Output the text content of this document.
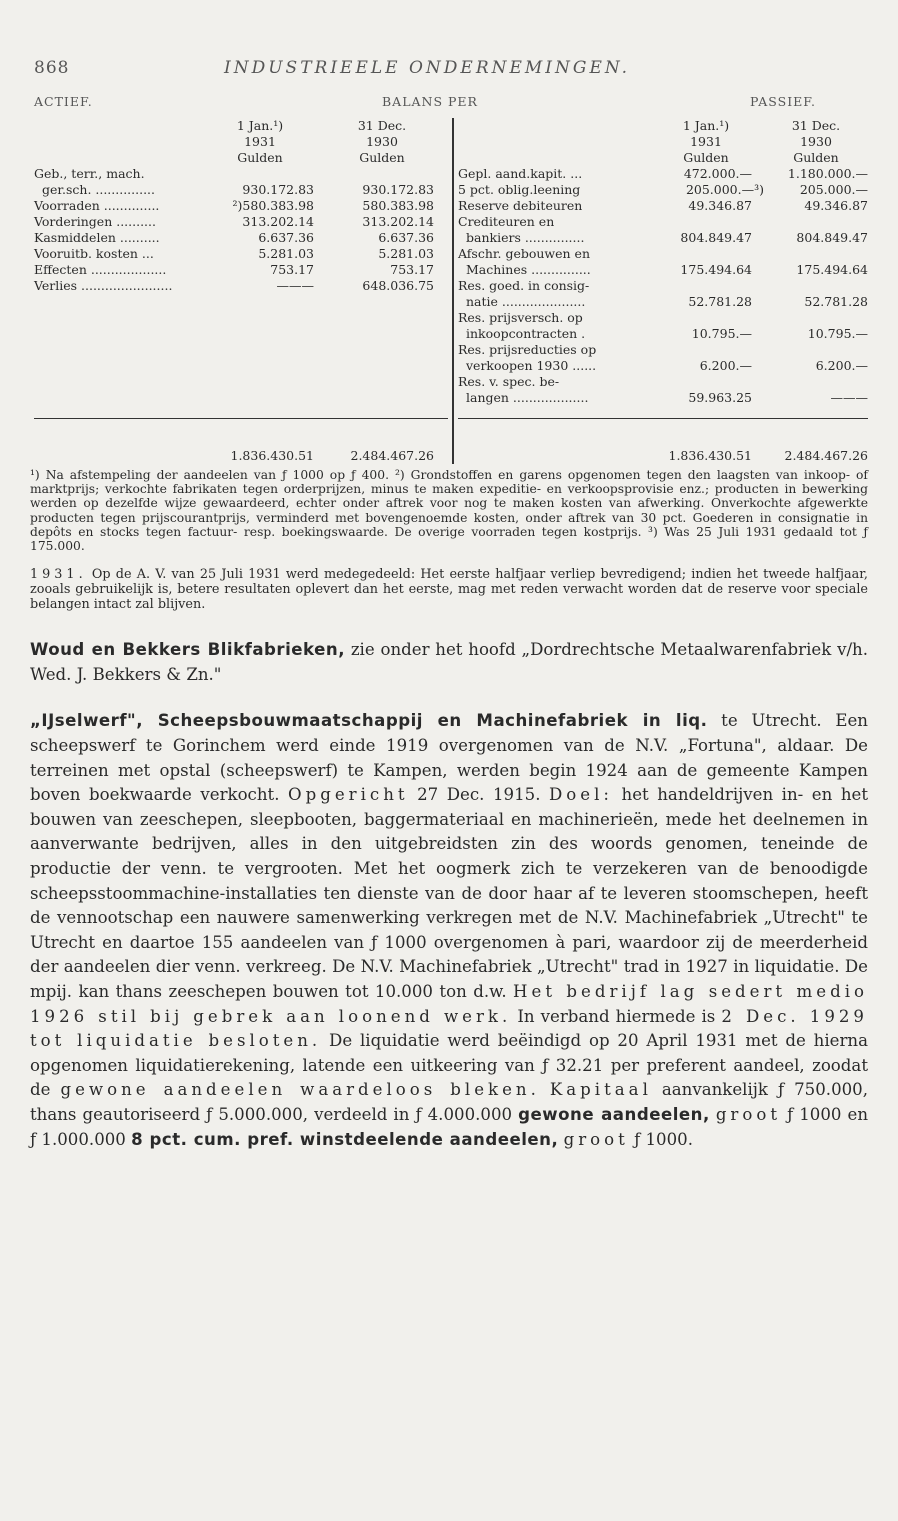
868	INDUSTRIEELE ONDERNEMINGEN.
ACTIEF.	BALANS PER	PASSIEF.
1 Jan.¹)
1931
Gulden
31 Dec.
1930
Gulden
1 Jan.¹)
1931
Gulden
31 Dec.
1930
Gulden
Geb., terr., mach.
ger.sch. ...............	930.172.83	930.172.83
Voorraden ..............	²)580.383.98	580.383.98
Vorderingen ..........	313.202.14	313.202.14
Kasmiddelen ..........	6.637.36	6.637.36
Vooruitb. kosten ...	5.281.03	5.281.03
Effecten ...................	753.17	753.17
Verlies .......................	———	648.036.75
Gepl. aand.kapit. ...	472.000.—	1.180.000.—
5 pct. oblig.leening	205.000.—³)	205.000.—
Reserve debiteuren	49.346.87	49.346.87
Crediteuren en
bankiers ...............	804.849.47	804.849.47
Afschr. gebouwen en
Machines ...............	175.494.64	175.494.64
Res. goed. in consig-
natie .....................	52.781.28	52.781.28
Res. prijsversch. op
inkoopcontracten .	10.795.—	10.795.—
Res. prijsreducties op
verkoopen 1930 ......	6.200.—	6.200.—
Res. v. spec. be-
langen ...................	59.963.25	———
1.836.430.51	2.484.467.26	1.836.430.51	2.484.467.26
¹) Na afstempeling der aandeelen van ƒ 1000 op ƒ 400. ²) Grondstoffen en garens opgenomen tegen den laagsten van inkoop- of marktprijs; verkochte fabrikaten tegen orderprijzen, minus te maken expeditie- en verkoopsprovisie enz.; producten in bewerking werden op dezelfde wijze gewaardeerd, echter onder aftrek voor nog te maken kosten van afwerking. Onverkochte afgewerkte producten tegen prijscourantprijs, verminderd met bovengenoemde kosten, onder aftrek van 30 pct. Goederen in consignatie in depôts en stocks tegen factuur- resp. boekingswaarde. De overige voorraden tegen kostprijs. ³) Was 25 Juli 1931 gedaald tot ƒ 175.000.
1931. Op de A. V. van 25 Juli 1931 werd medegedeeld: Het eerste halfjaar verliep bevredigend; indien het tweede halfjaar, zooals gebruikelijk is, betere resultaten oplevert dan het eerste, mag met reden verwacht worden dat de reserve voor speciale belangen intact zal blijven.
Woud en Bekkers Blikfabrieken, zie onder het hoofd „Dordrechtsche Metaalwarenfabriek v/h. Wed. J. Bekkers & Zn."
„IJselwerf", Scheepsbouwmaatschappij en Machinefabriek in liq. te Utrecht. Een scheepswerf te Gorinchem werd einde 1919 overgenomen van de N.V. „Fortuna", aldaar. De terreinen met opstal (scheepswerf) te Kampen, werden begin 1924 aan de gemeente Kampen boven boekwaarde verkocht. Opgericht 27 Dec. 1915. Doel: het handeldrijven in- en het bouwen van zeeschepen, sleepbooten, baggermateriaal en machinerieën, mede het deelnemen in aanverwante bedrijven, alles in den uitgebreidsten zin des woords genomen, teneinde de productie der venn. te vergrooten. Met het oogmerk zich te verzekeren van de benoodigde scheepsstoommachine-installaties ten dienste van de door haar af te leveren stoomschepen, heeft de vennootschap een nauwere samenwerking verkregen met de N.V. Machinefabriek „Utrecht" te Utrecht en daartoe 155 aandeelen van ƒ 1000 overgenomen à pari, waardoor zij de meerderheid der aandeelen dier venn. verkreeg. De N.V. Machinefabriek „Utrecht" trad in 1927 in liquidatie. De mpij. kan thans zeeschepen bouwen tot 10.000 ton d.w. Het bedrijf lag sedert medio 1926 stil bij gebrek aan loonend werk. In verband hiermede is 2 Dec. 1929 tot liquidatie besloten. De liquidatie werd beëindigd op 20 April 1931 met de hierna opgenomen liquidatierekening, latende een uitkeering van ƒ 32.21 per preferent aandeel, zoodat de gewone aandeelen waardeloos bleken. Kapitaal aanvankelijk ƒ 750.000, thans geautoriseerd ƒ 5.000.000, verdeeld in ƒ 4.000.000 gewone aandeelen, groot ƒ 1000 en ƒ 1.000.000 8 pct. cum. pref. winstdeelende aandeelen, groot ƒ 1000.
